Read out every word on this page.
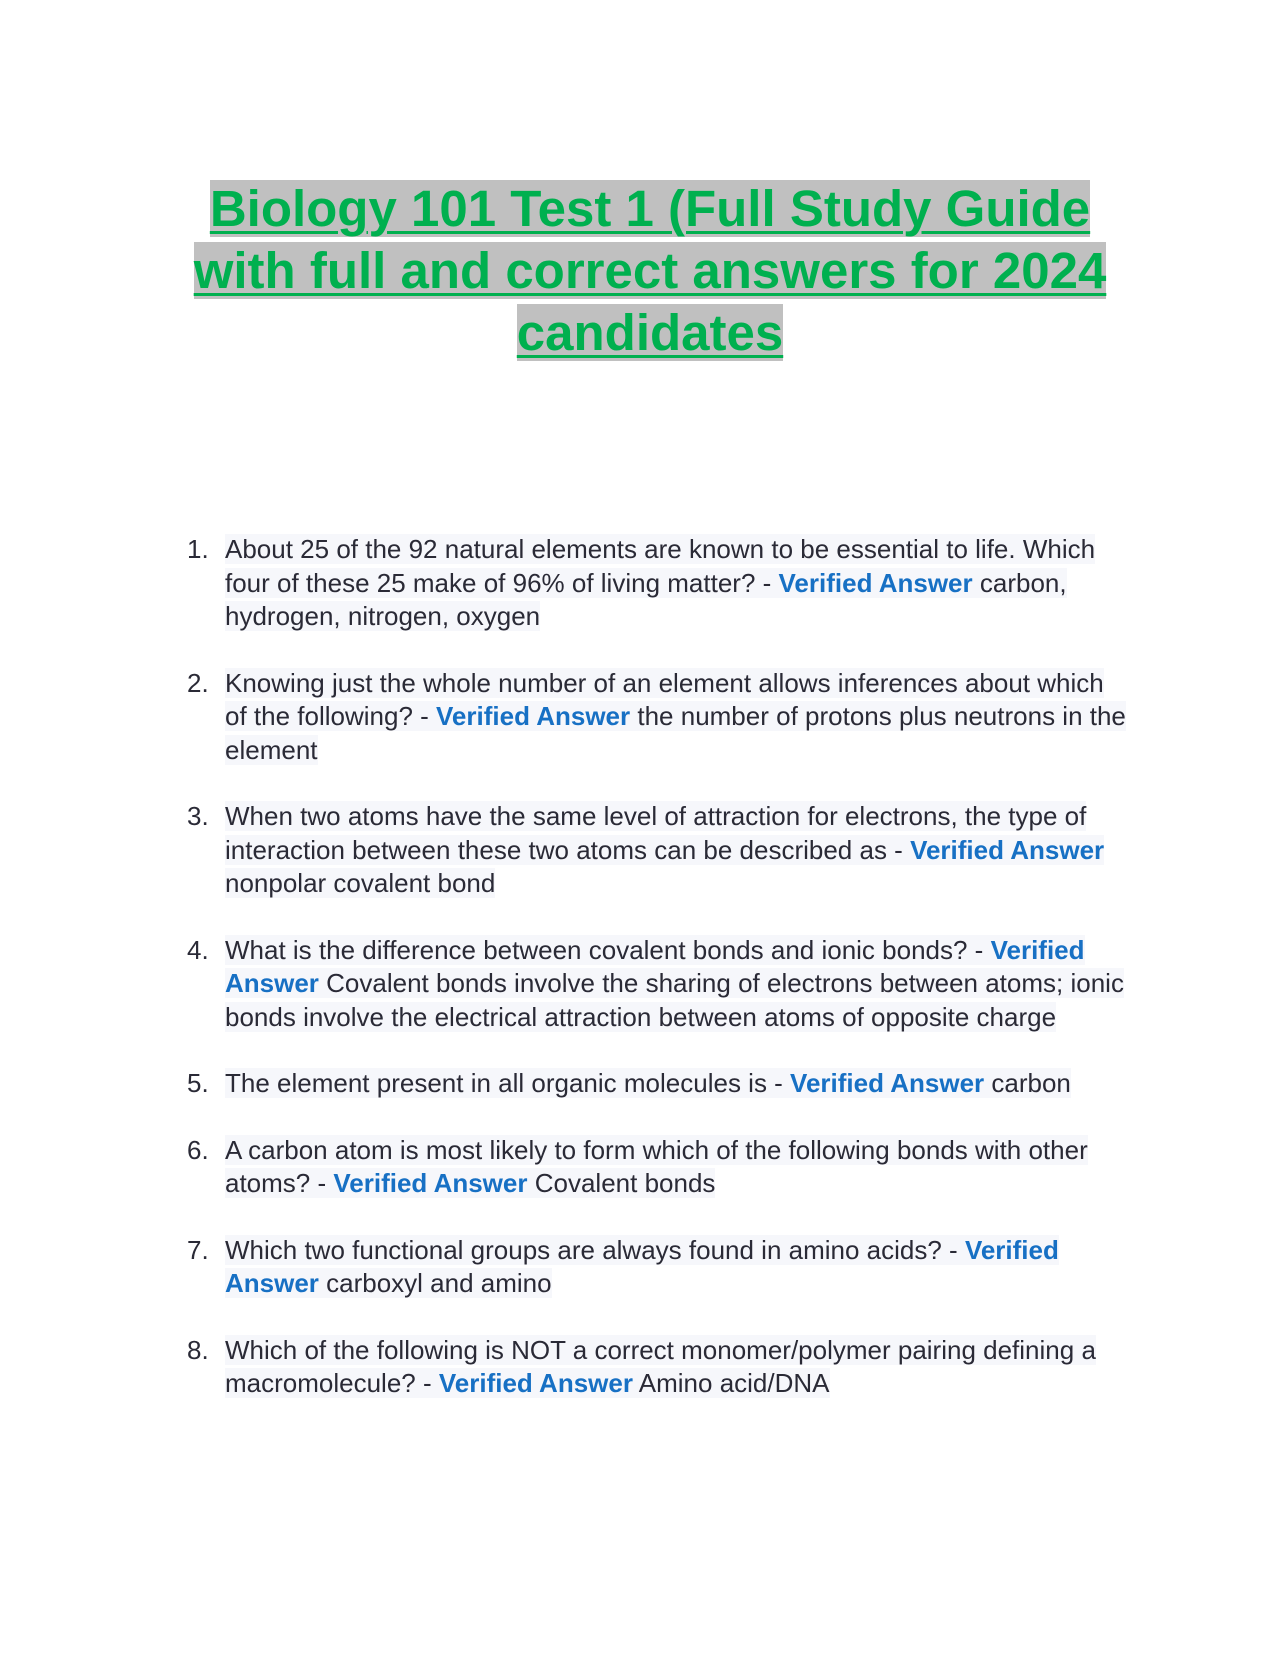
Biology 101 Test 1 (Full Study Guide with full and correct answers for 2024 candidates
1. About 25 of the 92 natural elements are known to be essential to life. Which four of these 25 make of 96% of living matter? - Verified Answer carbon, hydrogen, nitrogen, oxygen
2. Knowing just the whole number of an element allows inferences about which of the following? - Verified Answer the number of protons plus neutrons in the element
3. When two atoms have the same level of attraction for electrons, the type of interaction between these two atoms can be described as - Verified Answer nonpolar covalent bond
4. What is the difference between covalent bonds and ionic bonds? - Verified Answer Covalent bonds involve the sharing of electrons between atoms; ionic bonds involve the electrical attraction between atoms of opposite charge
5. The element present in all organic molecules is - Verified Answer carbon
6. A carbon atom is most likely to form which of the following bonds with other atoms? - Verified Answer Covalent bonds
7. Which two functional groups are always found in amino acids? - Verified Answer carboxyl and amino
8. Which of the following is NOT a correct monomer/polymer pairing defining a macromolecule? - Verified Answer Amino acid/DNA
